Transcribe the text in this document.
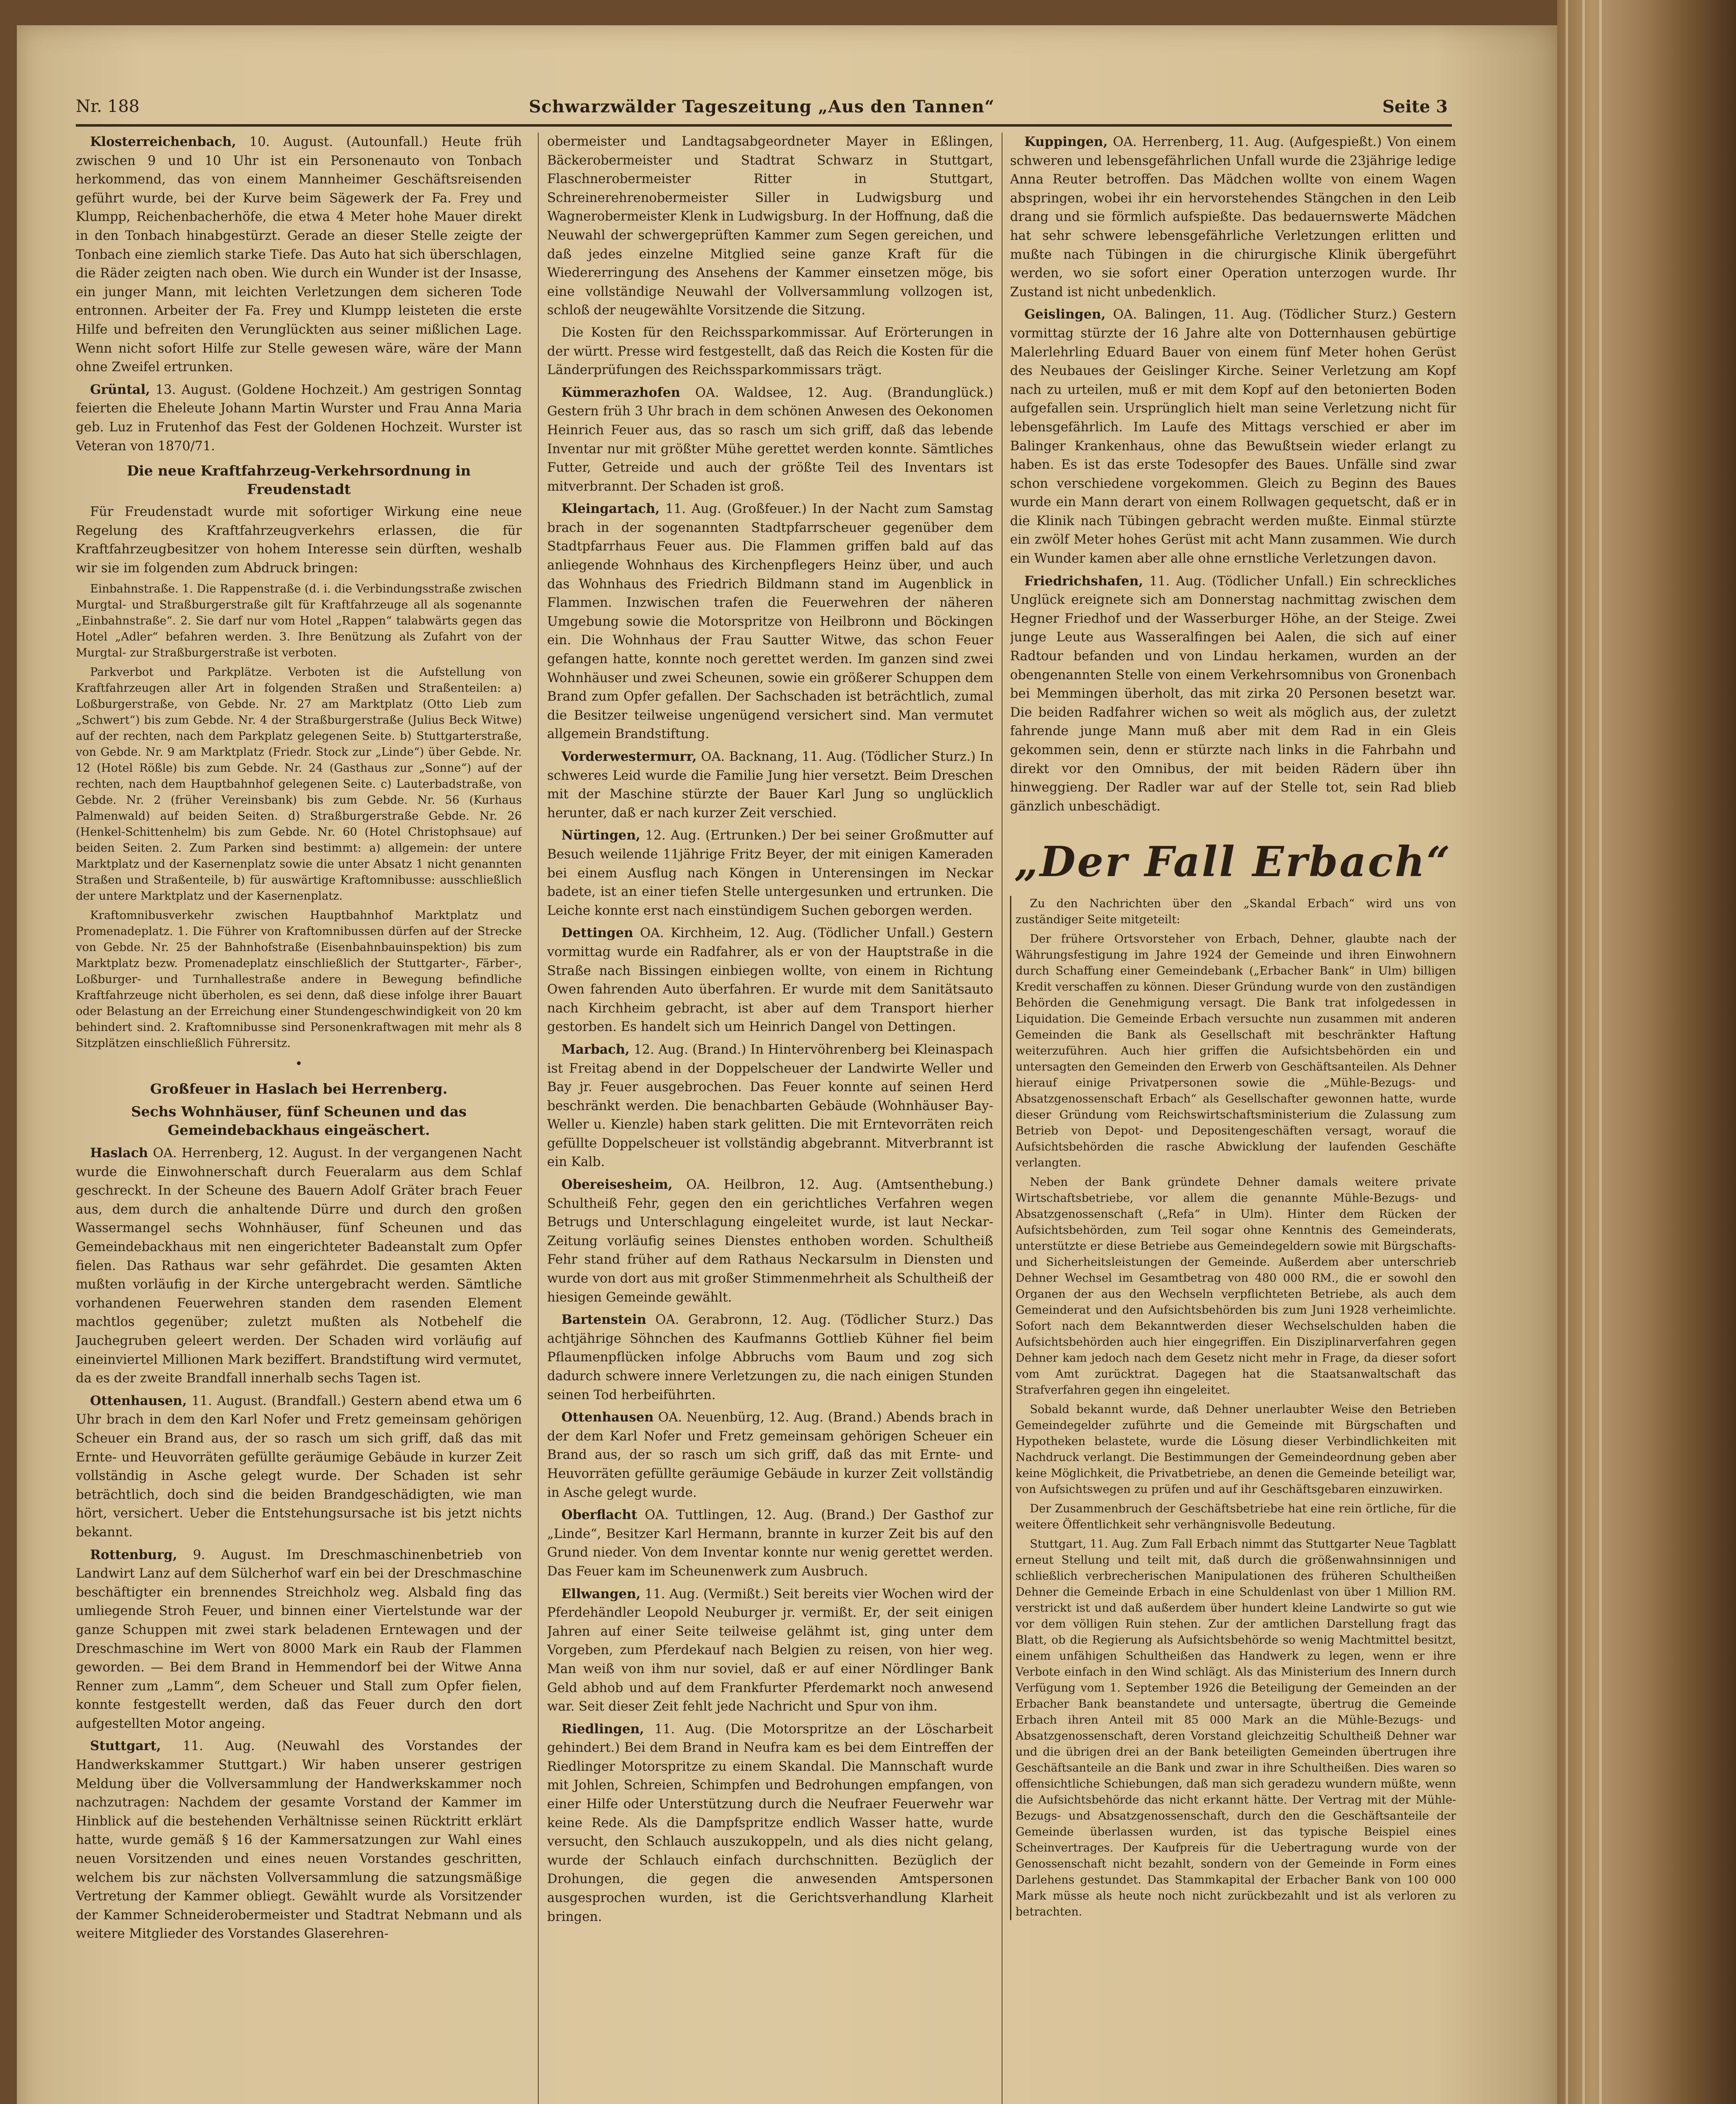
Nr. 188	Schwarzwälder Tageszeitung „Aus den Tannen“	Seite 3

Klosterreichenbach, 10. August. (Autounfall.) Heute früh zwischen 9 und 10 Uhr ist ein Personenauto von Tonbach herkommend, das von einem Mannheimer Geschäftsreisenden geführt wurde, bei der Kurve beim Sägewerk der Fa. Frey und Klumpp, Reichenbacherhöfe, die etwa 4 Meter hohe Mauer direkt in den Tonbach hinabgestürzt. Gerade an dieser Stelle zeigte der Tonbach eine ziemlich starke Tiefe. Das Auto hat sich überschlagen, die Räder zeigten nach oben. Wie durch ein Wunder ist der Insasse, ein junger Mann, mit leichten Verletzungen dem sicheren Tode entronnen. Arbeiter der Fa. Frey und Klumpp leisteten die erste Hilfe und befreiten den Verunglückten aus seiner mißlichen Lage. Wenn nicht sofort Hilfe zur Stelle gewesen wäre, wäre der Mann ohne Zweifel ertrunken.

Grüntal, 13. August. (Goldene Hochzeit.) Am gestrigen Sonntag feierten die Eheleute Johann Martin Wurster und Frau Anna Maria geb. Luz in Frutenhof das Fest der Goldenen Hochzeit. Wurster ist Veteran von 1870/71.

Die neue Kraftfahrzeug-Verkehrsordnung in Freudenstadt

Für Freudenstadt wurde mit sofortiger Wirkung eine neue Regelung des Kraftfahrzeugverkehrs erlassen, die für Kraftfahrzeugbesitzer von hohem Interesse sein dürften, weshalb wir sie im folgenden zum Abdruck bringen:

Einbahnstraße. 1. Die Rappenstraße (d. i. die Verbindungsstraße zwischen Murgtal- und Straßburgerstraße gilt für Kraftfahrzeuge all als sogenannte „Einbahnstraße“. 2. Sie darf nur vom Hotel „Rappen“ talabwärts gegen das Hotel „Adler“ befahren werden. 3. Ihre Benützung als Zufahrt von der Murgtal- zur Straßburgerstraße ist verboten.

Parkverbot und Parkplätze. Verboten ist die Aufstellung von Kraftfahrzeugen aller Art in folgenden Straßen und Straßenteilen: a) Loßburgerstraße, von Gebde. Nr. 27 am Marktplatz (Otto Lieb zum „Schwert“) bis zum Gebde. Nr. 4 der Straßburgerstraße (Julius Beck Witwe) auf der rechten, nach dem Parkplatz gelegenen Seite. b) Stuttgarterstraße, von Gebde. Nr. 9 am Marktplatz (Friedr. Stock zur „Linde“) über Gebde. Nr. 12 (Hotel Rößle) bis zum Gebde. Nr. 24 (Gasthaus zur „Sonne“) auf der rechten, nach dem Hauptbahnhof gelegenen Seite. c) Lauterbadstraße, von Gebde. Nr. 2 (früher Vereinsbank) bis zum Gebde. Nr. 56 (Kurhaus Palmenwald) auf beiden Seiten. d) Straßburgerstraße Gebde. Nr. 26 (Henkel-Schittenhelm) bis zum Gebde. Nr. 60 (Hotel Christophsaue) auf beiden Seiten. 2. Zum Parken sind bestimmt: a) allgemein: der untere Marktplatz und der Kasernenplatz sowie die unter Absatz 1 nicht genannten Straßen und Straßenteile, b) für auswärtige Kraftomnibusse: ausschließlich der untere Marktplatz und der Kasernenplatz.

Kraftomnibusverkehr zwischen Hauptbahnhof Marktplatz und Promenadeplatz. 1. Die Führer von Kraftomnibussen dürfen auf der Strecke von Gebde. Nr. 25 der Bahnhofstraße (Eisenbahnbauinspektion) bis zum Marktplatz bezw. Promenadeplatz einschließlich der Stuttgarter-, Färber-, Loßburger- und Turnhallestraße andere in Bewegung befindliche Kraftfahrzeuge nicht überholen, es sei denn, daß diese infolge ihrer Bauart oder Belastung an der Erreichung einer Stundengeschwindigkeit von 20 km behindert sind. 2. Kraftomnibusse sind Personenkraftwagen mit mehr als 8 Sitzplätzen einschließlich Führersitz.

•
Großfeuer in Haslach bei Herrenberg.
Sechs Wohnhäuser, fünf Scheunen und das Gemeindebackhaus eingeäschert.

Haslach OA. Herrenberg, 12. August. In der vergangenen Nacht wurde die Einwohnerschaft durch Feueralarm aus dem Schlaf geschreckt. In der Scheune des Bauern Adolf Gräter brach Feuer aus, dem durch die anhaltende Dürre und durch den großen Wassermangel sechs Wohnhäuser, fünf Scheunen und das Gemeindebackhaus mit nen eingerichteter Badeanstalt zum Opfer fielen. Das Rathaus war sehr gefährdet. Die gesamten Akten mußten vorläufig in der Kirche untergebracht werden. Sämtliche vorhandenen Feuerwehren standen dem rasenden Element machtlos gegenüber; zuletzt mußten als Notbehelf die Jauchegruben geleert werden. Der Schaden wird vorläufig auf eineinviertel Millionen Mark beziffert. Brandstiftung wird vermutet, da es der zweite Brandfall innerhalb sechs Tagen ist.

Ottenhausen, 11. August. (Brandfall.) Gestern abend etwa um 6 Uhr brach in dem den Karl Nofer und Fretz gemeinsam gehörigen Scheuer ein Brand aus, der so rasch um sich griff, daß das mit Ernte- und Heuvorräten gefüllte geräumige Gebäude in kurzer Zeit vollständig in Asche gelegt wurde. Der Schaden ist sehr beträchtlich, doch sind die beiden Brandgeschädigten, wie man hört, versichert. Ueber die Entstehungsursache ist bis jetzt nichts bekannt.

Rottenburg, 9. August. Im Dreschmaschinenbetrieb von Landwirt Lanz auf dem Sülcherhof warf ein bei der Dreschmaschine beschäftigter ein brennendes Streichholz weg. Alsbald fing das umliegende Stroh Feuer, und binnen einer Viertelstunde war der ganze Schuppen mit zwei stark beladenen Erntewagen und der Dreschmaschine im Wert von 8000 Mark ein Raub der Flammen geworden. — Bei dem Brand in Hemmendorf bei der Witwe Anna Renner zum „Lamm“, dem Scheuer und Stall zum Opfer fielen, konnte festgestellt werden, daß das Feuer durch den dort aufgestellten Motor angeing.

Stuttgart, 11. Aug. (Neuwahl des Vorstandes der Handwerkskammer Stuttgart.) Wir haben unserer gestrigen Meldung über die Vollversammlung der Handwerkskammer noch nachzutragen: Nachdem der gesamte Vorstand der Kammer im Hinblick auf die bestehenden Verhältnisse seinen Rücktritt erklärt hatte, wurde gemäß § 16 der Kammersatzungen zur Wahl eines neuen Vorsitzenden und eines neuen Vorstandes geschritten, welchem bis zur nächsten Vollversammlung die satzungsmäßige Vertretung der Kammer obliegt. Gewählt wurde als Vorsitzender der Kammer Schneiderobermeister und Stadtrat Nebmann und als weitere Mitglieder des Vorstandes Glaserehren-

obermeister und Landtagsabgeordneter Mayer in Eßlingen, Bäckerobermeister und Stadtrat Schwarz in Stuttgart, Flaschnerobermeister Ritter in Stuttgart, Schreinerehrenobermeister Siller in Ludwigsburg und Wagnerobermeister Klenk in Ludwigsburg. In der Hoffnung, daß die Neuwahl der schwergeprüften Kammer zum Segen gereichen, und daß jedes einzelne Mitglied seine ganze Kraft für die Wiedererringung des Ansehens der Kammer einsetzen möge, bis eine vollständige Neuwahl der Vollversammlung vollzogen ist, schloß der neugewählte Vorsitzende die Sitzung.

Die Kosten für den Reichssparkommissar. Auf Erörterungen in der württ. Presse wird festgestellt, daß das Reich die Kosten für die Länderprüfungen des Reichssparkommissars trägt.

Kümmerazhofen OA. Waldsee, 12. Aug. (Brandunglück.) Gestern früh 3 Uhr brach in dem schönen Anwesen des Oekonomen Heinrich Feuer aus, das so rasch um sich griff, daß das lebende Inventar nur mit größter Mühe gerettet werden konnte. Sämtliches Futter, Getreide und auch der größte Teil des Inventars ist mitverbrannt. Der Schaden ist groß.

Kleingartach, 11. Aug. (Großfeuer.) In der Nacht zum Samstag brach in der sogenannten Stadtpfarrscheuer gegenüber dem Stadtpfarrhaus Feuer aus. Die Flammen griffen bald auf das anliegende Wohnhaus des Kirchenpflegers Heinz über, und auch das Wohnhaus des Friedrich Bildmann stand im Augenblick in Flammen. Inzwischen trafen die Feuerwehren der näheren Umgebung sowie die Motorspritze von Heilbronn und Böckingen ein. Die Wohnhaus der Frau Sautter Witwe, das schon Feuer gefangen hatte, konnte noch gerettet werden. Im ganzen sind zwei Wohnhäuser und zwei Scheunen, sowie ein größerer Schuppen dem Brand zum Opfer gefallen. Der Sachschaden ist beträchtlich, zumal die Besitzer teilweise ungenügend versichert sind. Man vermutet allgemein Brandstiftung.

Vorderwestermurr, OA. Backnang, 11. Aug. (Tödlicher Sturz.) In schweres Leid wurde die Familie Jung hier versetzt. Beim Dreschen mit der Maschine stürzte der Bauer Karl Jung so unglücklich herunter, daß er nach kurzer Zeit verschied.

Nürtingen, 12. Aug. (Ertrunken.) Der bei seiner Großmutter auf Besuch weilende 11jährige Fritz Beyer, der mit einigen Kameraden bei einem Ausflug nach Köngen in Unterensingen im Neckar badete, ist an einer tiefen Stelle untergesunken und ertrunken. Die Leiche konnte erst nach einstündigem Suchen geborgen werden.

Dettingen OA. Kirchheim, 12. Aug. (Tödlicher Unfall.) Gestern vormittag wurde ein Radfahrer, als er von der Hauptstraße in die Straße nach Bissingen einbiegen wollte, von einem in Richtung Owen fahrenden Auto überfahren. Er wurde mit dem Sanitätsauto nach Kirchheim gebracht, ist aber auf dem Transport hierher gestorben. Es handelt sich um Heinrich Dangel von Dettingen.

Marbach, 12. Aug. (Brand.) In Hintervöhrenberg bei Kleinaspach ist Freitag abend in der Doppelscheuer der Landwirte Weller und Bay jr. Feuer ausgebrochen. Das Feuer konnte auf seinen Herd beschränkt werden. Die benachbarten Gebäude (Wohnhäuser Bay-Weller u. Kienzle) haben stark gelitten. Die mit Erntevorräten reich gefüllte Doppelscheuer ist vollständig abgebrannt. Mitverbrannt ist ein Kalb.

Obereisesheim, OA. Heilbron, 12. Aug. (Amtsenthebung.) Schultheiß Fehr, gegen den ein gerichtliches Verfahren wegen Betrugs und Unterschlagung eingeleitet wurde, ist laut Neckar-Zeitung vorläufig seines Dienstes enthoben worden. Schultheiß Fehr stand früher auf dem Rathaus Neckarsulm in Diensten und wurde von dort aus mit großer Stimmenmehrheit als Schultheiß der hiesigen Gemeinde gewählt.

Bartenstein OA. Gerabronn, 12. Aug. (Tödlicher Sturz.) Das achtjährige Söhnchen des Kaufmanns Gottlieb Kühner fiel beim Pflaumenpflücken infolge Abbruchs vom Baum und zog sich dadurch schwere innere Verletzungen zu, die nach einigen Stunden seinen Tod herbeiführten.

Ottenhausen OA. Neuenbürg, 12. Aug. (Brand.) Abends brach in der dem Karl Nofer und Fretz gemeinsam gehörigen Scheuer ein Brand aus, der so rasch um sich griff, daß das mit Ernte- und Heuvorräten gefüllte geräumige Gebäude in kurzer Zeit vollständig in Asche gelegt wurde.

Oberflacht OA. Tuttlingen, 12. Aug. (Brand.) Der Gasthof zur „Linde“, Besitzer Karl Hermann, brannte in kurzer Zeit bis auf den Grund nieder. Von dem Inventar konnte nur wenig gerettet werden. Das Feuer kam im Scheunenwerk zum Ausbruch.

Ellwangen, 11. Aug. (Vermißt.) Seit bereits vier Wochen wird der Pferdehändler Leopold Neuburger jr. vermißt. Er, der seit einigen Jahren auf einer Seite teilweise gelähmt ist, ging unter dem Vorgeben, zum Pferdekauf nach Belgien zu reisen, von hier weg. Man weiß von ihm nur soviel, daß er auf einer Nördlinger Bank Geld abhob und auf dem Frankfurter Pferdemarkt noch anwesend war. Seit dieser Zeit fehlt jede Nachricht und Spur von ihm.

Riedlingen, 11. Aug. (Die Motorspritze an der Löscharbeit gehindert.) Bei dem Brand in Neufra kam es bei dem Eintreffen der Riedlinger Motorspritze zu einem Skandal. Die Mannschaft wurde mit Johlen, Schreien, Schimpfen und Bedrohungen empfangen, von einer Hilfe oder Unterstützung durch die Neufraer Feuerwehr war keine Rede. Als die Dampfspritze endlich Wasser hatte, wurde versucht, den Schlauch auszukoppeln, und als dies nicht gelang, wurde der Schlauch einfach durchschnitten. Bezüglich der Drohungen, die gegen die anwesenden Amtspersonen ausgesprochen wurden, ist die Gerichtsverhandlung Klarheit bringen.

Kuppingen, OA. Herrenberg, 11. Aug. (Aufgespießt.) Von einem schweren und lebensgefährlichen Unfall wurde die 23jährige ledige Anna Reuter betroffen. Das Mädchen wollte von einem Wagen abspringen, wobei ihr ein hervorstehendes Stängchen in den Leib drang und sie förmlich aufspießte. Das bedauernswerte Mädchen hat sehr schwere lebensgefährliche Verletzungen erlitten und mußte nach Tübingen in die chirurgische Klinik übergeführt werden, wo sie sofort einer Operation unterzogen wurde. Ihr Zustand ist nicht unbedenklich.

Geislingen, OA. Balingen, 11. Aug. (Tödlicher Sturz.) Gestern vormittag stürzte der 16 Jahre alte von Dotternhausen gebürtige Malerlehrling Eduard Bauer von einem fünf Meter hohen Gerüst des Neubaues der Geislinger Kirche. Seiner Verletzung am Kopf nach zu urteilen, muß er mit dem Kopf auf den betonierten Boden aufgefallen sein. Ursprünglich hielt man seine Verletzung nicht für lebensgefährlich. Im Laufe des Mittags verschied er aber im Balinger Krankenhaus, ohne das Bewußtsein wieder erlangt zu haben. Es ist das erste Todesopfer des Baues. Unfälle sind zwar schon verschiedene vorgekommen. Gleich zu Beginn des Baues wurde ein Mann derart von einem Rollwagen gequetscht, daß er in die Klinik nach Tübingen gebracht werden mußte. Einmal stürzte ein zwölf Meter hohes Gerüst mit acht Mann zusammen. Wie durch ein Wunder kamen aber alle ohne ernstliche Verletzungen davon.

Friedrichshafen, 11. Aug. (Tödlicher Unfall.) Ein schreckliches Unglück ereignete sich am Donnerstag nachmittag zwischen dem Hegner Friedhof und der Wasserburger Höhe, an der Steige. Zwei junge Leute aus Wasseralfingen bei Aalen, die sich auf einer Radtour befanden und von Lindau herkamen, wurden an der obengenannten Stelle von einem Verkehrsomnibus von Gronenbach bei Memmingen überholt, das mit zirka 20 Personen besetzt war. Die beiden Radfahrer wichen so weit als möglich aus, der zuletzt fahrende junge Mann muß aber mit dem Rad in ein Gleis gekommen sein, denn er stürzte nach links in die Fahrbahn und direkt vor den Omnibus, der mit beiden Rädern über ihn hinweggieng. Der Radler war auf der Stelle tot, sein Rad blieb gänzlich unbeschädigt.

„Der Fall Erbach“

Zu den Nachrichten über den „Skandal Erbach“ wird uns von zuständiger Seite mitgeteilt:

Der frühere Ortsvorsteher von Erbach, Dehner, glaubte nach der Währungsfestigung im Jahre 1924 der Gemeinde und ihren Einwohnern durch Schaffung einer Gemeindebank („Erbacher Bank“ in Ulm) billigen Kredit verschaffen zu können. Dieser Gründung wurde von den zuständigen Behörden die Genehmigung versagt. Die Bank trat infolgedessen in Liquidation. Die Gemeinde Erbach versuchte nun zusammen mit anderen Gemeinden die Bank als Gesellschaft mit beschränkter Haftung weiterzuführen. Auch hier griffen die Aufsichtsbehörden ein und untersagten den Gemeinden den Erwerb von Geschäftsanteilen. Als Dehner hierauf einige Privatpersonen sowie die „Mühle-Bezugs- und Absatzgenossenschaft Erbach“ als Gesellschafter gewonnen hatte, wurde dieser Gründung vom Reichswirtschaftsministerium die Zulassung zum Betrieb von Depot- und Depositengeschäften versagt, worauf die Aufsichtsbehörden die rasche Abwicklung der laufenden Geschäfte verlangten.

Neben der Bank gründete Dehner damals weitere private Wirtschaftsbetriebe, vor allem die genannte Mühle-Bezugs- und Absatzgenossenschaft („Refa“ in Ulm). Hinter dem Rücken der Aufsichtsbehörden, zum Teil sogar ohne Kenntnis des Gemeinderats, unterstützte er diese Betriebe aus Gemeindegeldern sowie mit Bürgschafts- und Sicherheitsleistungen der Gemeinde. Außerdem aber unterschrieb Dehner Wechsel im Gesamtbetrag von 480 000 RM., die er sowohl den Organen der aus den Wechseln verpflichteten Betriebe, als auch dem Gemeinderat und den Aufsichtsbehörden bis zum Juni 1928 verheimlichte. Sofort nach dem Bekanntwerden dieser Wechselschulden haben die Aufsichtsbehörden auch hier eingegriffen. Ein Disziplinarverfahren gegen Dehner kam jedoch nach dem Gesetz nicht mehr in Frage, da dieser sofort vom Amt zurücktrat. Dagegen hat die Staatsanwaltschaft das Strafverfahren gegen ihn eingeleitet.

Sobald bekannt wurde, daß Dehner unerlaubter Weise den Betrieben Gemeindegelder zuführte und die Gemeinde mit Bürgschaften und Hypotheken belastete, wurde die Lösung dieser Verbindlichkeiten mit Nachdruck verlangt. Die Bestimmungen der Gemeindeordnung geben aber keine Möglichkeit, die Privatbetriebe, an denen die Gemeinde beteiligt war, von Aufsichtswegen zu prüfen und auf ihr Geschäftsgebaren einzuwirken.

Der Zusammenbruch der Geschäftsbetriebe hat eine rein örtliche, für die weitere Öffentlichkeit sehr verhängnisvolle Bedeutung.

Stuttgart, 11. Aug. Zum Fall Erbach nimmt das Stuttgarter Neue Tagblatt erneut Stellung und teilt mit, daß durch die größenwahnsinnigen und schließlich verbrecherischen Manipulationen des früheren Schultheißen Dehner die Gemeinde Erbach in eine Schuldenlast von über 1 Million RM. verstrickt ist und daß außerdem über hundert kleine Landwirte so gut wie vor dem völligen Ruin stehen. Zur der amtlichen Darstellung fragt das Blatt, ob die Regierung als Aufsichtsbehörde so wenig Machtmittel besitzt, einem unfähigen Schultheißen das Handwerk zu legen, wenn er ihre Verbote einfach in den Wind schlägt. Als das Ministerium des Innern durch Verfügung vom 1. September 1926 die Beteiligung der Gemeinden an der Erbacher Bank beanstandete und untersagte, übertrug die Gemeinde Erbach ihren Anteil mit 85 000 Mark an die Mühle-Bezugs- und Absatzgenossenschaft, deren Vorstand gleichzeitig Schultheiß Dehner war und die übrigen drei an der Bank beteiligten Gemeinden übertrugen ihre Geschäftsanteile an die Bank und zwar in ihre Schultheißen. Dies waren so offensichtliche Schiebungen, daß man sich geradezu wundern müßte, wenn die Aufsichtsbehörde das nicht erkannt hätte. Der Vertrag mit der Mühle-Bezugs- und Absatzgenossenschaft, durch den die Geschäftsanteile der Gemeinde überlassen wurden, ist das typische Beispiel eines Scheinvertrages. Der Kaufpreis für die Uebertragung wurde von der Genossenschaft nicht bezahlt, sondern von der Gemeinde in Form eines Darlehens gestundet. Das Stammkapital der Erbacher Bank von 100 000 Mark müsse als heute noch nicht zurückbezahlt und ist als verloren zu betrachten.
